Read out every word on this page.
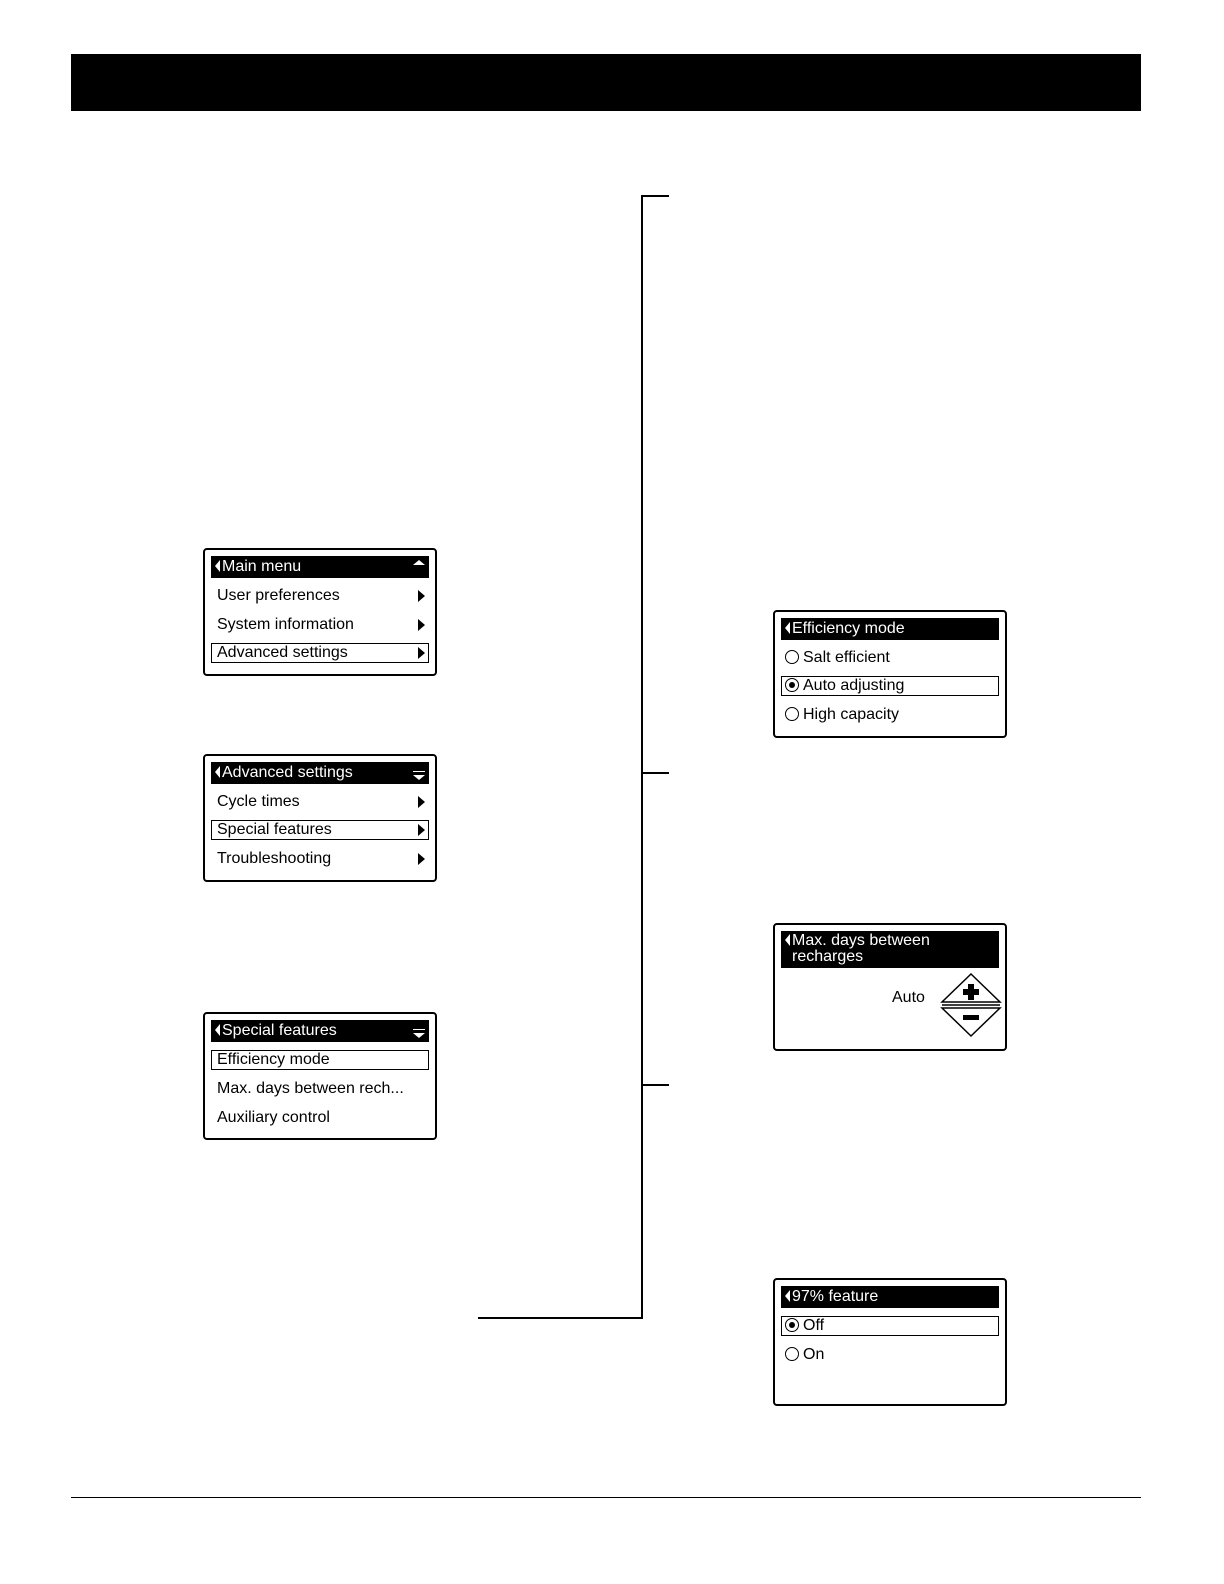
Main menu
User preferences
System information
Advanced settings
Advanced settings
Cycle times
Special features
Troubleshooting
Special features
Efficiency mode
Max. days between rech...
Auxiliary control
Efficiency mode
Salt efficient
Auto adjusting
High capacity
Max. days between
recharges
Auto
97% feature
Off
On
